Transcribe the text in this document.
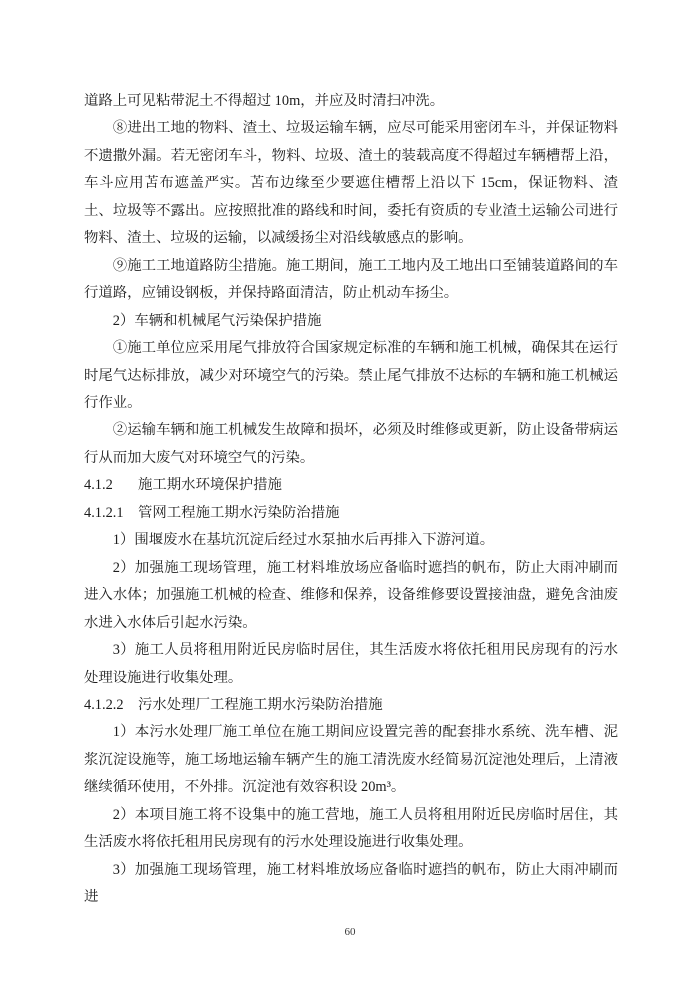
道路上可见粘带泥土不得超过 10m，并应及时清扫冲洗。

⑧进出工地的物料、渣土、垃圾运输车辆，应尽可能采用密闭车斗，并保证物料不遗撒外漏。若无密闭车斗，物料、垃圾、渣土的装载高度不得超过车辆槽帮上沿，车斗应用苫布遮盖严实。苫布边缘至少要遮住槽帮上沿以下 15cm，保证物料、渣土、垃圾等不露出。应按照批准的路线和时间，委托有资质的专业渣土运输公司进行物料、渣土、垃圾的运输，以减缓扬尘对沿线敏感点的影响。

⑨施工工地道路防尘措施。施工期间，施工工地内及工地出口至铺装道路间的车行道路，应铺设钢板，并保持路面清洁，防止机动车扬尘。

2）车辆和机械尾气污染保护措施

①施工单位应采用尾气排放符合国家规定标准的车辆和施工机械，确保其在运行时尾气达标排放，减少对环境空气的污染。禁止尾气排放不达标的车辆和施工机械运行作业。

②运输车辆和施工机械发生故障和损坏，必须及时维修或更新，防止设备带病运行从而加大废气对环境空气的污染。

4.1.2 施工期水环境保护措施

4.1.2.1 管网工程施工期水污染防治措施

1）围堰废水在基坑沉淀后经过水泵抽水后再排入下游河道。

2）加强施工现场管理，施工材料堆放场应备临时遮挡的帆布，防止大雨冲刷而进入水体；加强施工机械的检查、维修和保养，设备维修要设置接油盘，避免含油废水进入水体后引起水污染。

3）施工人员将租用附近民房临时居住，其生活废水将依托租用民房现有的污水处理设施进行收集处理。

4.1.2.2 污水处理厂工程施工期水污染防治措施

1）本污水处理厂施工单位在施工期间应设置完善的配套排水系统、洗车槽、泥浆沉淀设施等，施工场地运输车辆产生的施工清洗废水经简易沉淀池处理后，上清液继续循环使用，不外排。沉淀池有效容积设 20m³。

2）本项目施工将不设集中的施工营地，施工人员将租用附近民房临时居住，其生活废水将依托租用民房现有的污水处理设施进行收集处理。

3）加强施工现场管理，施工材料堆放场应备临时遮挡的帆布，防止大雨冲刷而进

60
